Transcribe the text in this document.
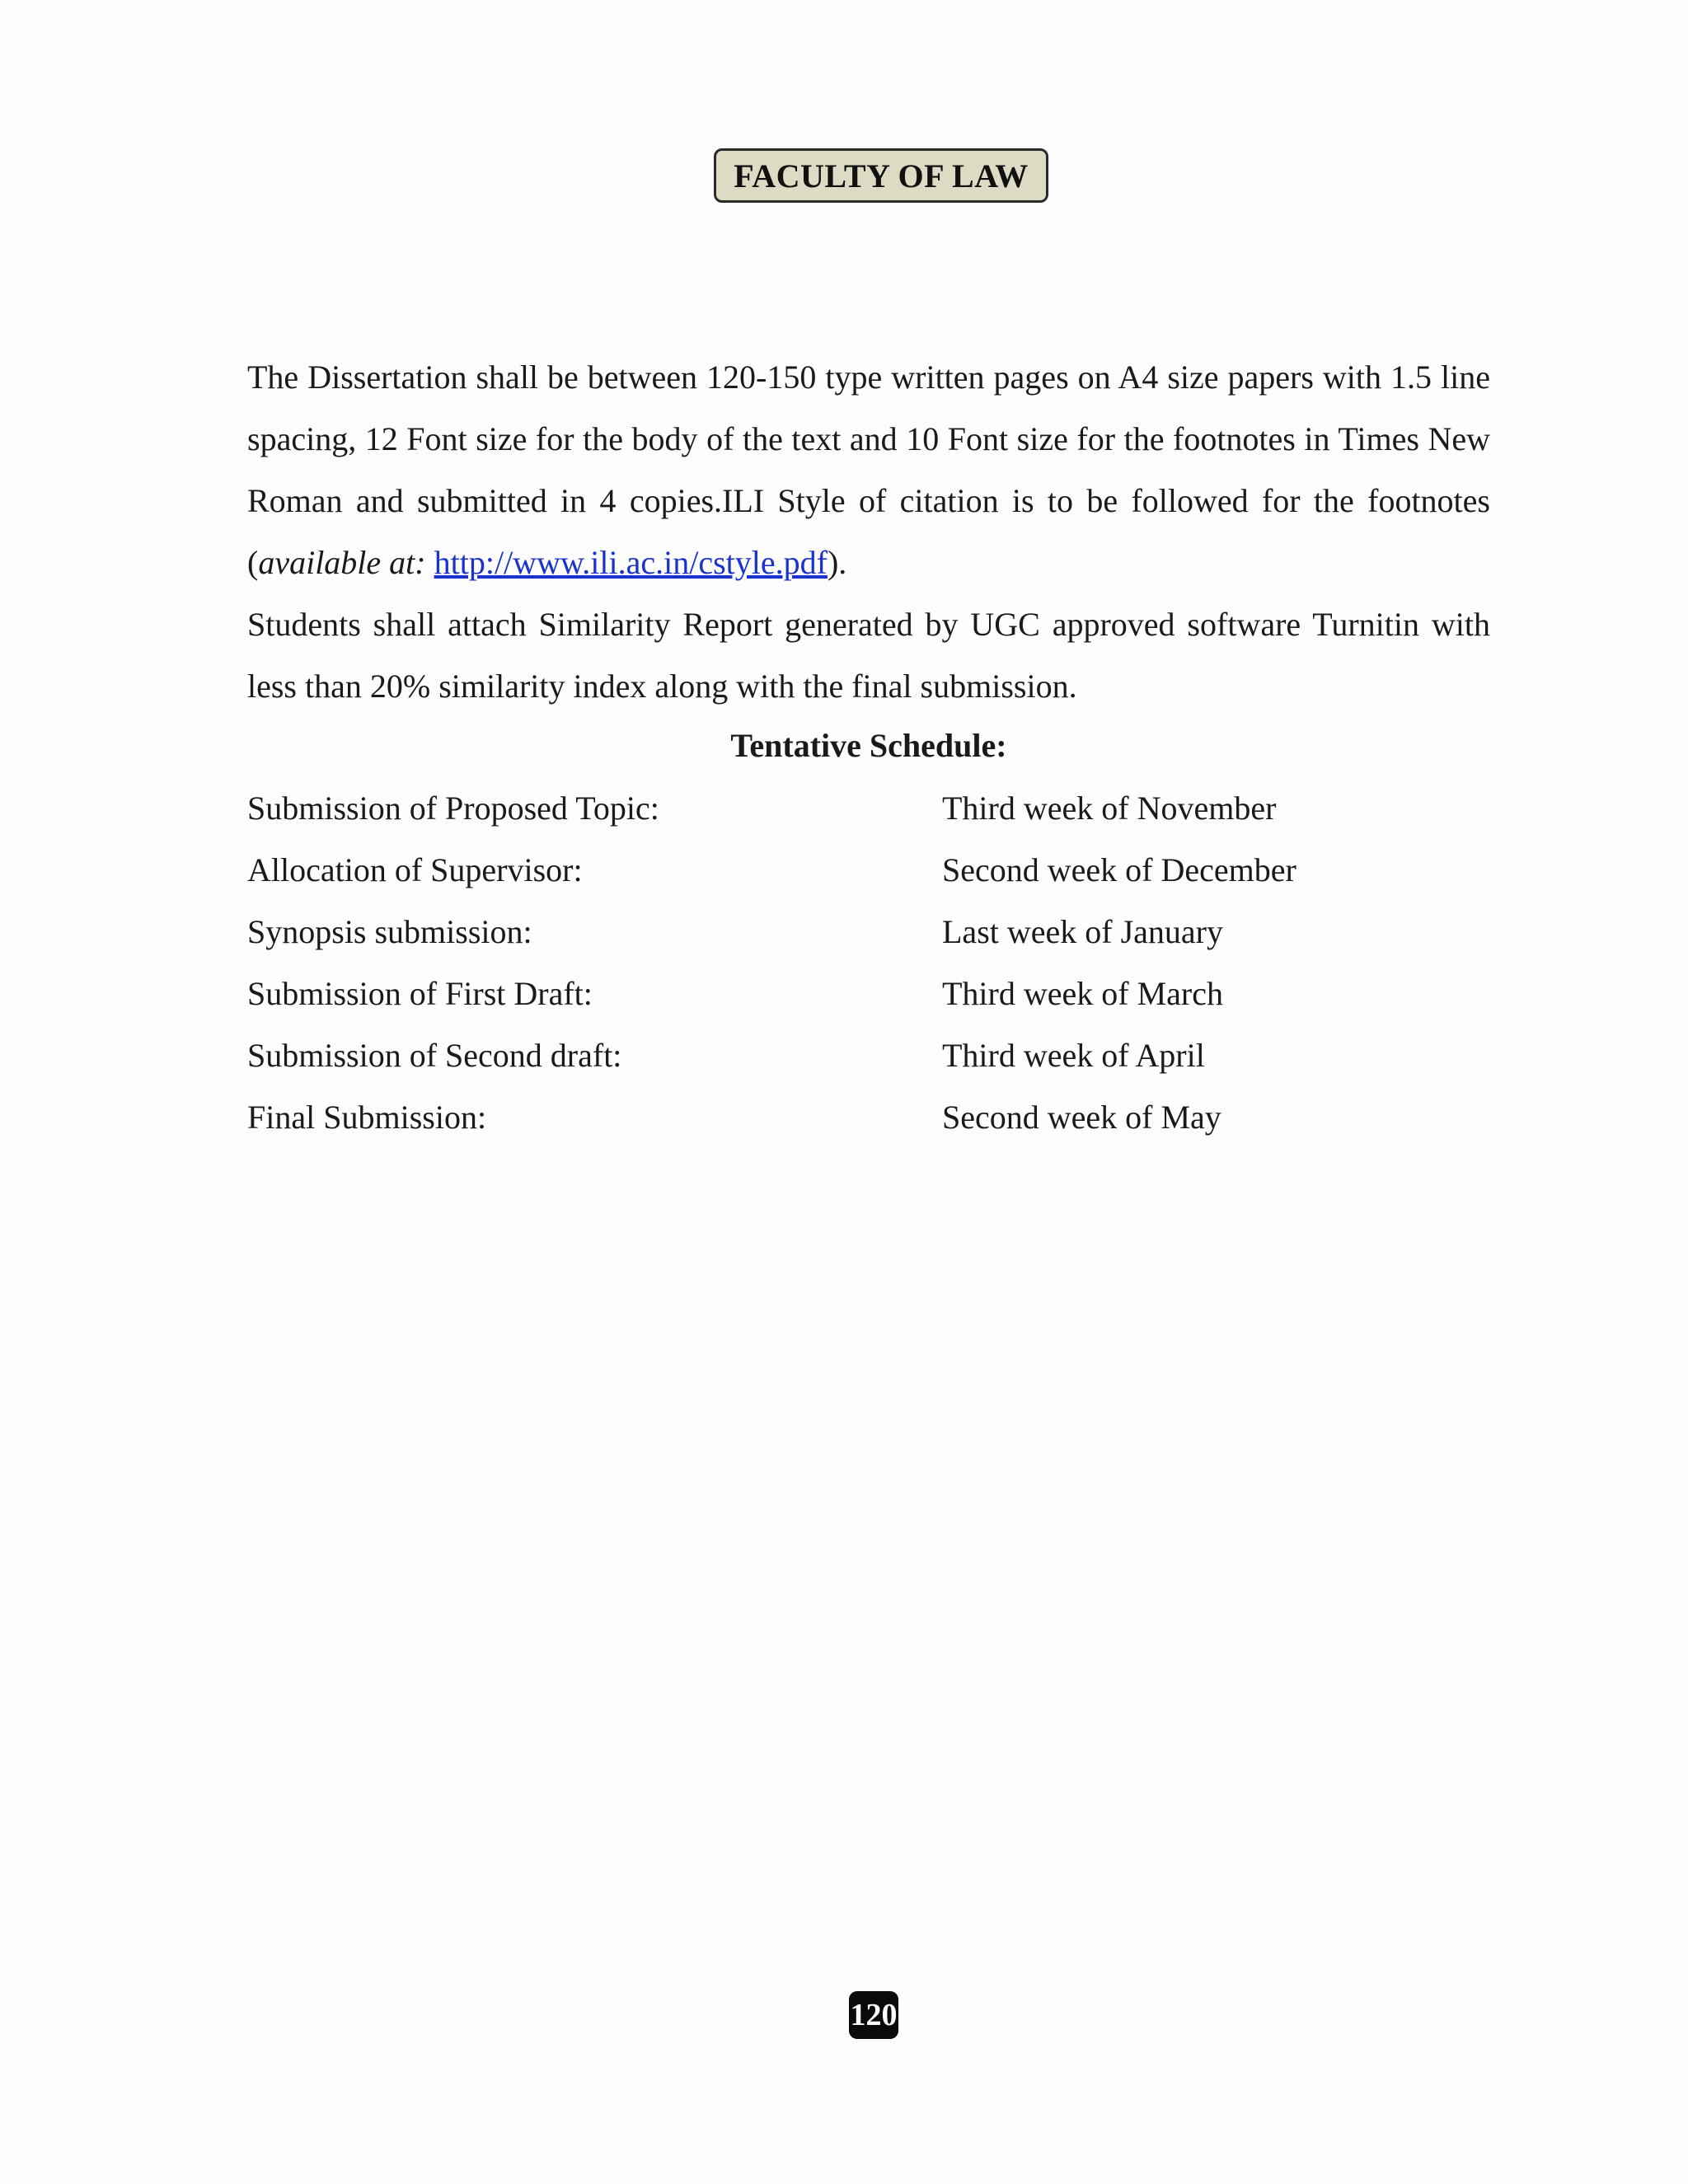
FACULTY OF LAW

The Dissertation shall be between 120-150 type written pages on A4 size papers with 1.5 line spacing, 12 Font size for the body of the text and 10 Font size for the footnotes in Times New Roman and submitted in 4 copies.ILI Style of citation is to be followed for the footnotes (available at: http://www.ili.ac.in/cstyle.pdf).

Students shall attach Similarity Report generated by UGC approved software Turnitin with less than 20% similarity index along with the final submission.

Tentative Schedule:
Submission of Proposed Topic:	Third week of November
Allocation of Supervisor:	Second week of December
Synopsis submission:	Last week of January
Submission of First Draft:	Third week of March
Submission of Second draft:	Third week of April
Final Submission:	Second week of May
120
